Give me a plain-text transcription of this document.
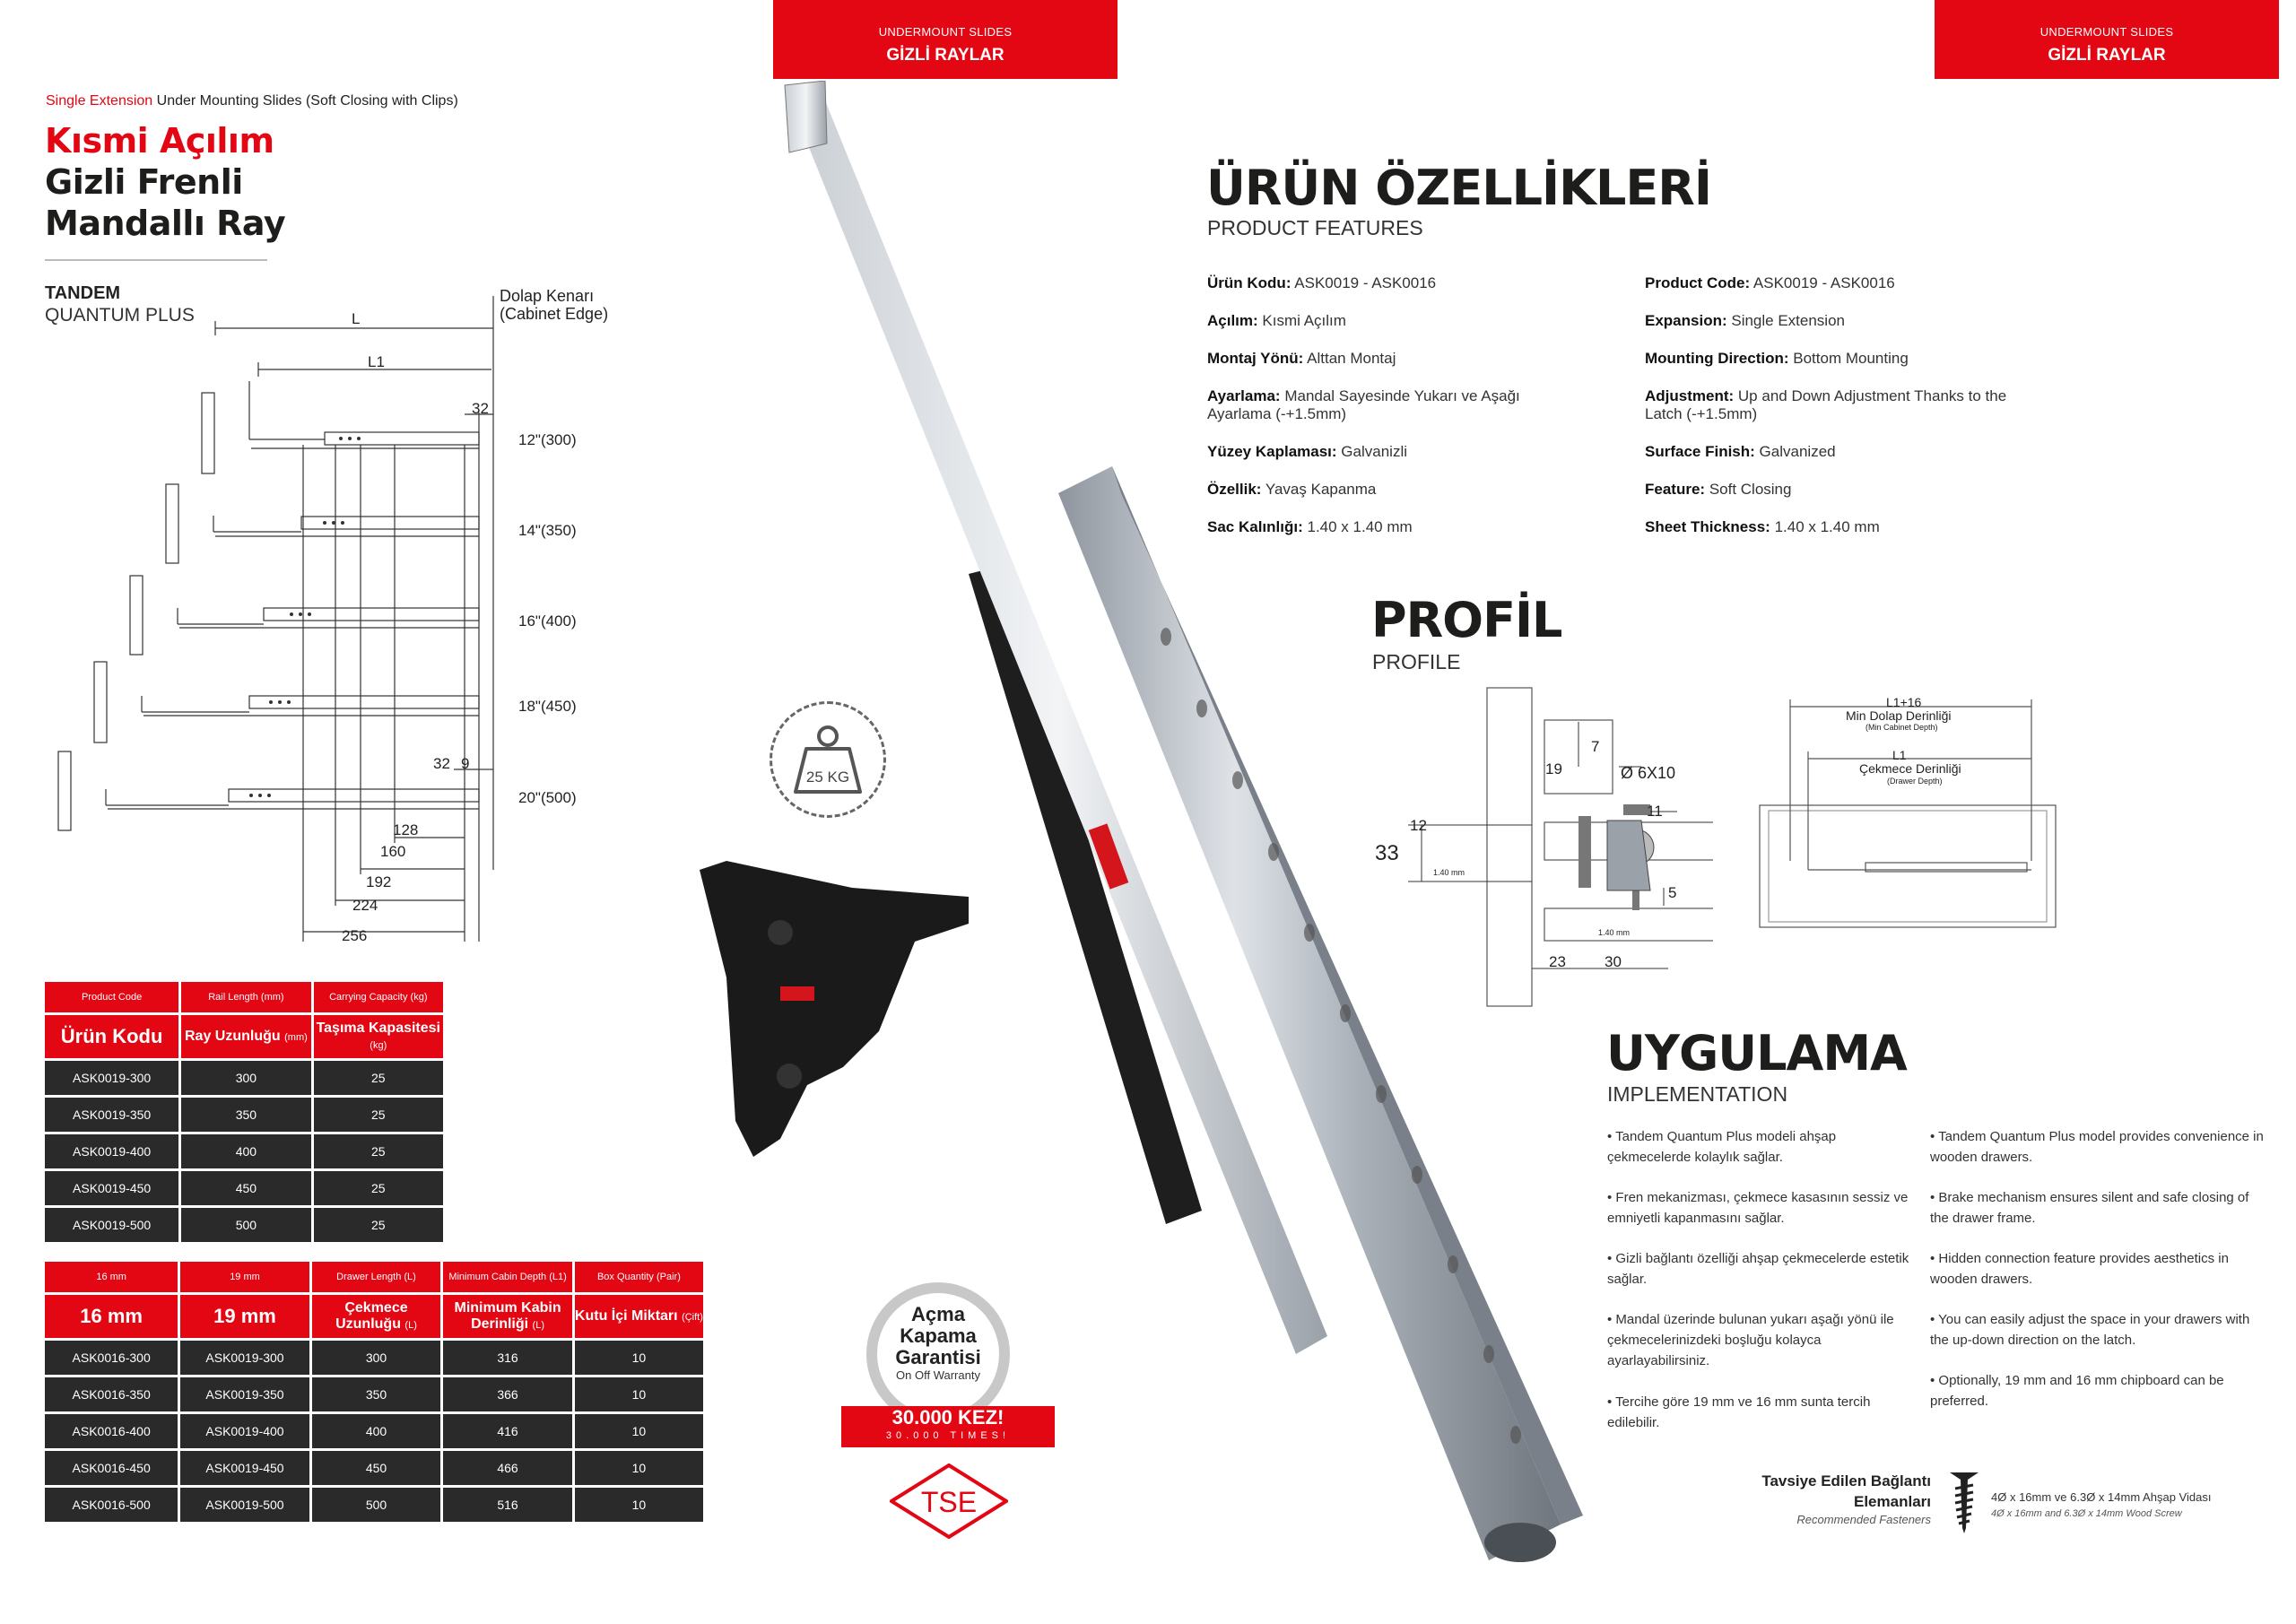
UNDERMOUNT SLIDES
GİZLİ RAYLAR
UNDERMOUNT SLIDES
GİZLİ RAYLAR
Single Extension Under Mounting Slides (Soft Closing with Clips)
Kısmi Açılım
Gizli Frenli
Mandallı Ray
TANDEM
QUANTUM PLUS
Dolap Kenarı
(Cabinet Edge)
L
L1
32
32 9
12"(300)
14"(350)
16"(400)
18"(450)
20"(500)
128
160
192
224
256
Product Code	Rail Length (mm)	Carrying Capacity (kg)
Ürün Kodu	Ray Uzunluğu (mm)	Taşıma Kapasitesi (kg)
ASK0019-300	300	25
ASK0019-350	350	25
ASK0019-400	400	25
ASK0019-450	450	25
ASK0019-500	500	25
16 mm	19 mm	Drawer Length (L)	Minimum Cabin Depth (L1)	Box Quantity (Pair)
16 mm	19 mm	Çekmece Uzunluğu (L)	Minimum Kabin Derinliği (L)	Kutu İçi Miktarı (Çift)
ASK0016-300	ASK0019-300	300	316	10
ASK0016-350	ASK0019-350	350	366	10
ASK0016-400	ASK0019-400	400	416	10
ASK0016-450	ASK0019-450	450	466	10
ASK0016-500	ASK0019-500	500	516	10
25 KG
Açma
Kapama
Garantisi
On Off Warranty
30.000 KEZ!
30.000 TIMES!
TSE
ÜRÜN ÖZELLİKLERİ
PRODUCT FEATURES
Ürün Kodu: ASK0019 - ASK0016
Açılım: Kısmi Açılım
Montaj Yönü: Alttan Montaj
Ayarlama: Mandal Sayesinde Yukarı ve Aşağı Ayarlama (-+1.5mm)
Yüzey Kaplaması: Galvanizli
Özellik: Yavaş Kapanma
Sac Kalınlığı: 1.40 x 1.40 mm
Product Code: ASK0019 - ASK0016
Expansion: Single Extension
Mounting Direction: Bottom Mounting
Adjustment: Up and Down Adjustment Thanks to the Latch (-+1.5mm)
Surface Finish: Galvanized
Feature: Soft Closing
Sheet Thickness: 1.40 x 1.40 mm
PROFİL
PROFILE
7
19	Ø 6X10
11
12
33
1.40 mm
5
1.40 mm
23	30
L1+16
Min Dolap Derinliği
(Min Cabinet Depth)
L1
Çekmece Derinliği
(Drawer Depth)
UYGULAMA
IMPLEMENTATION
• Tandem Quantum Plus modeli ahşap çekmecelerde kolaylık sağlar.
• Fren mekanizması, çekmece kasasının sessiz ve emniyetli kapanmasını sağlar.
• Gizli bağlantı özelliği ahşap çekmecelerde estetik sağlar.
• Mandal üzerinde bulunan yukarı aşağı yönü ile çekmecelerinizdeki boşluğu kolayca ayarlayabilirsiniz.
• Tercihe göre 19 mm ve 16 mm sunta tercih edilebilir.
• Tandem Quantum Plus model provides convenience in wooden drawers.
• Brake mechanism ensures silent and safe closing of the drawer frame.
• Hidden connection feature provides aesthetics in wooden drawers.
• You can easily adjust the space in your drawers with the up-down direction on the latch.
• Optionally, 19 mm and 16 mm chipboard can be preferred.
Tavsiye Edilen Bağlantı
Elemanları
Recommended Fasteners
4Ø x 16mm ve 6.3Ø x 14mm Ahşap Vidası
4Ø x 16mm and 6.3Ø x 14mm Wood Screw
